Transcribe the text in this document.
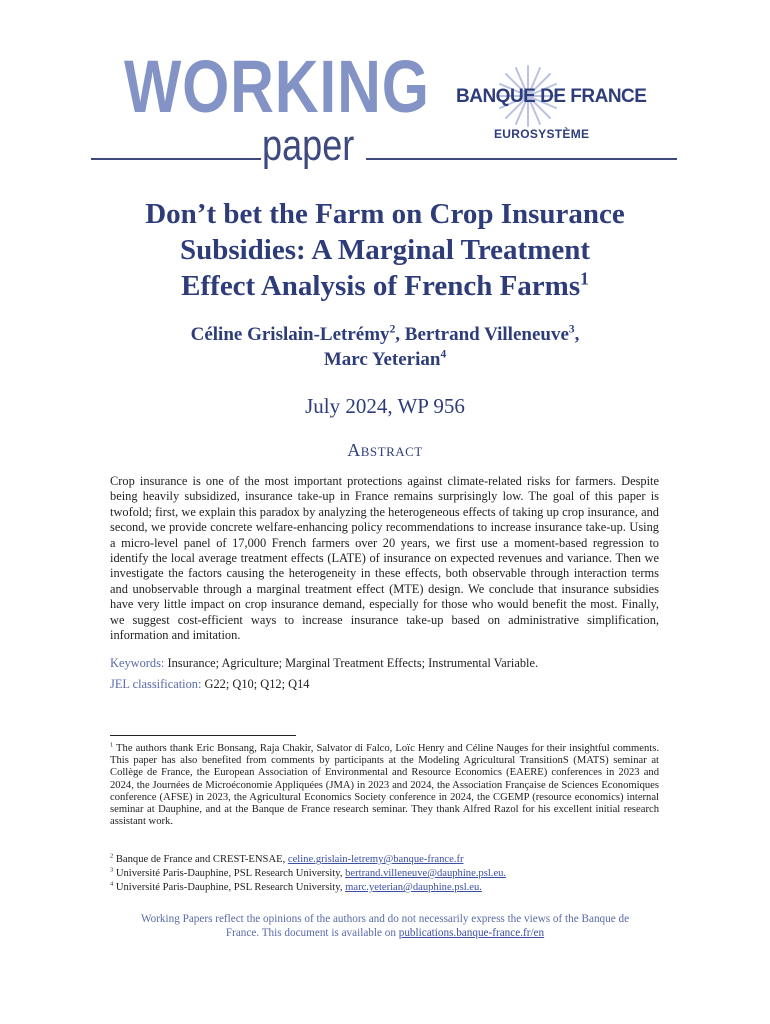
WORKING
paper
BANQUE DE FRANCE
EUROSYSTÈME
Don’t bet the Farm on Crop Insurance
Subsidies: A Marginal Treatment
Effect Analysis of French Farms$^1$
Céline Grislain-Letrémy$^2$, Bertrand Villeneuve$^3$,
Marc Yeterian$^4$
July 2024, WP 956
Abstract
Crop insurance is one of the most important protections against climate-related risks for farmers. Despite being heavily subsidized, insurance take-up in France remains surprisingly low. The goal of this paper is twofold; first, we explain this paradox by analyzing the heterogeneous effects of taking up crop insurance, and second, we provide concrete welfare-enhancing policy recommendations to increase insurance take-up. Using a micro-level panel of 17,000 French farmers over 20 years, we first use a moment-based regression to identify the local average treatment effects (LATE) of insurance on expected revenues and variance. Then we investigate the factors causing the heterogeneity in these effects, both observable through interaction terms and unobservable through a marginal treatment effect (MTE) design. We conclude that insurance subsidies have very little impact on crop insurance demand, especially for those who would benefit the most. Finally, we suggest cost-efficient ways to increase insurance take-up based on administrative simplification, information and imitation.
Keywords: Insurance; Agriculture; Marginal Treatment Effects; Instrumental Variable.
JEL classification: G22; Q10; Q12; Q14
$^1$ The authors thank Eric Bonsang, Raja Chakir, Salvator di Falco, Loïc Henry and Céline Nauges for their insightful comments. This paper has also benefited from comments by participants at the Modeling Agricultural TransitionS (MATS) seminar at Collège de France, the European Association of Environmental and Resource Economics (EAERE) conferences in 2023 and 2024, the Journées de Microéconomie Appliquées (JMA) in 2023 and 2024, the Association Française de Sciences Economiques conference (AFSE) in 2023, the Agricultural Economics Society conference in 2024, the CGEMP (resource economics) internal seminar at Dauphine, and at the Banque de France research seminar. They thank Alfred Razol for his excellent initial research assistant work.
$^2$ Banque de France and CREST-ENSAE, celine.grislain-letremy@banque-france.fr
$^3$ Université Paris-Dauphine, PSL Research University, bertrand.villeneuve@dauphine.psl.eu.
$^4$ Université Paris-Dauphine, PSL Research University, marc.yeterian@dauphine.psl.eu.
Working Papers reflect the opinions of the authors and do not necessarily express the views of the Banque de
France. This document is available on publications.banque-france.fr/en
